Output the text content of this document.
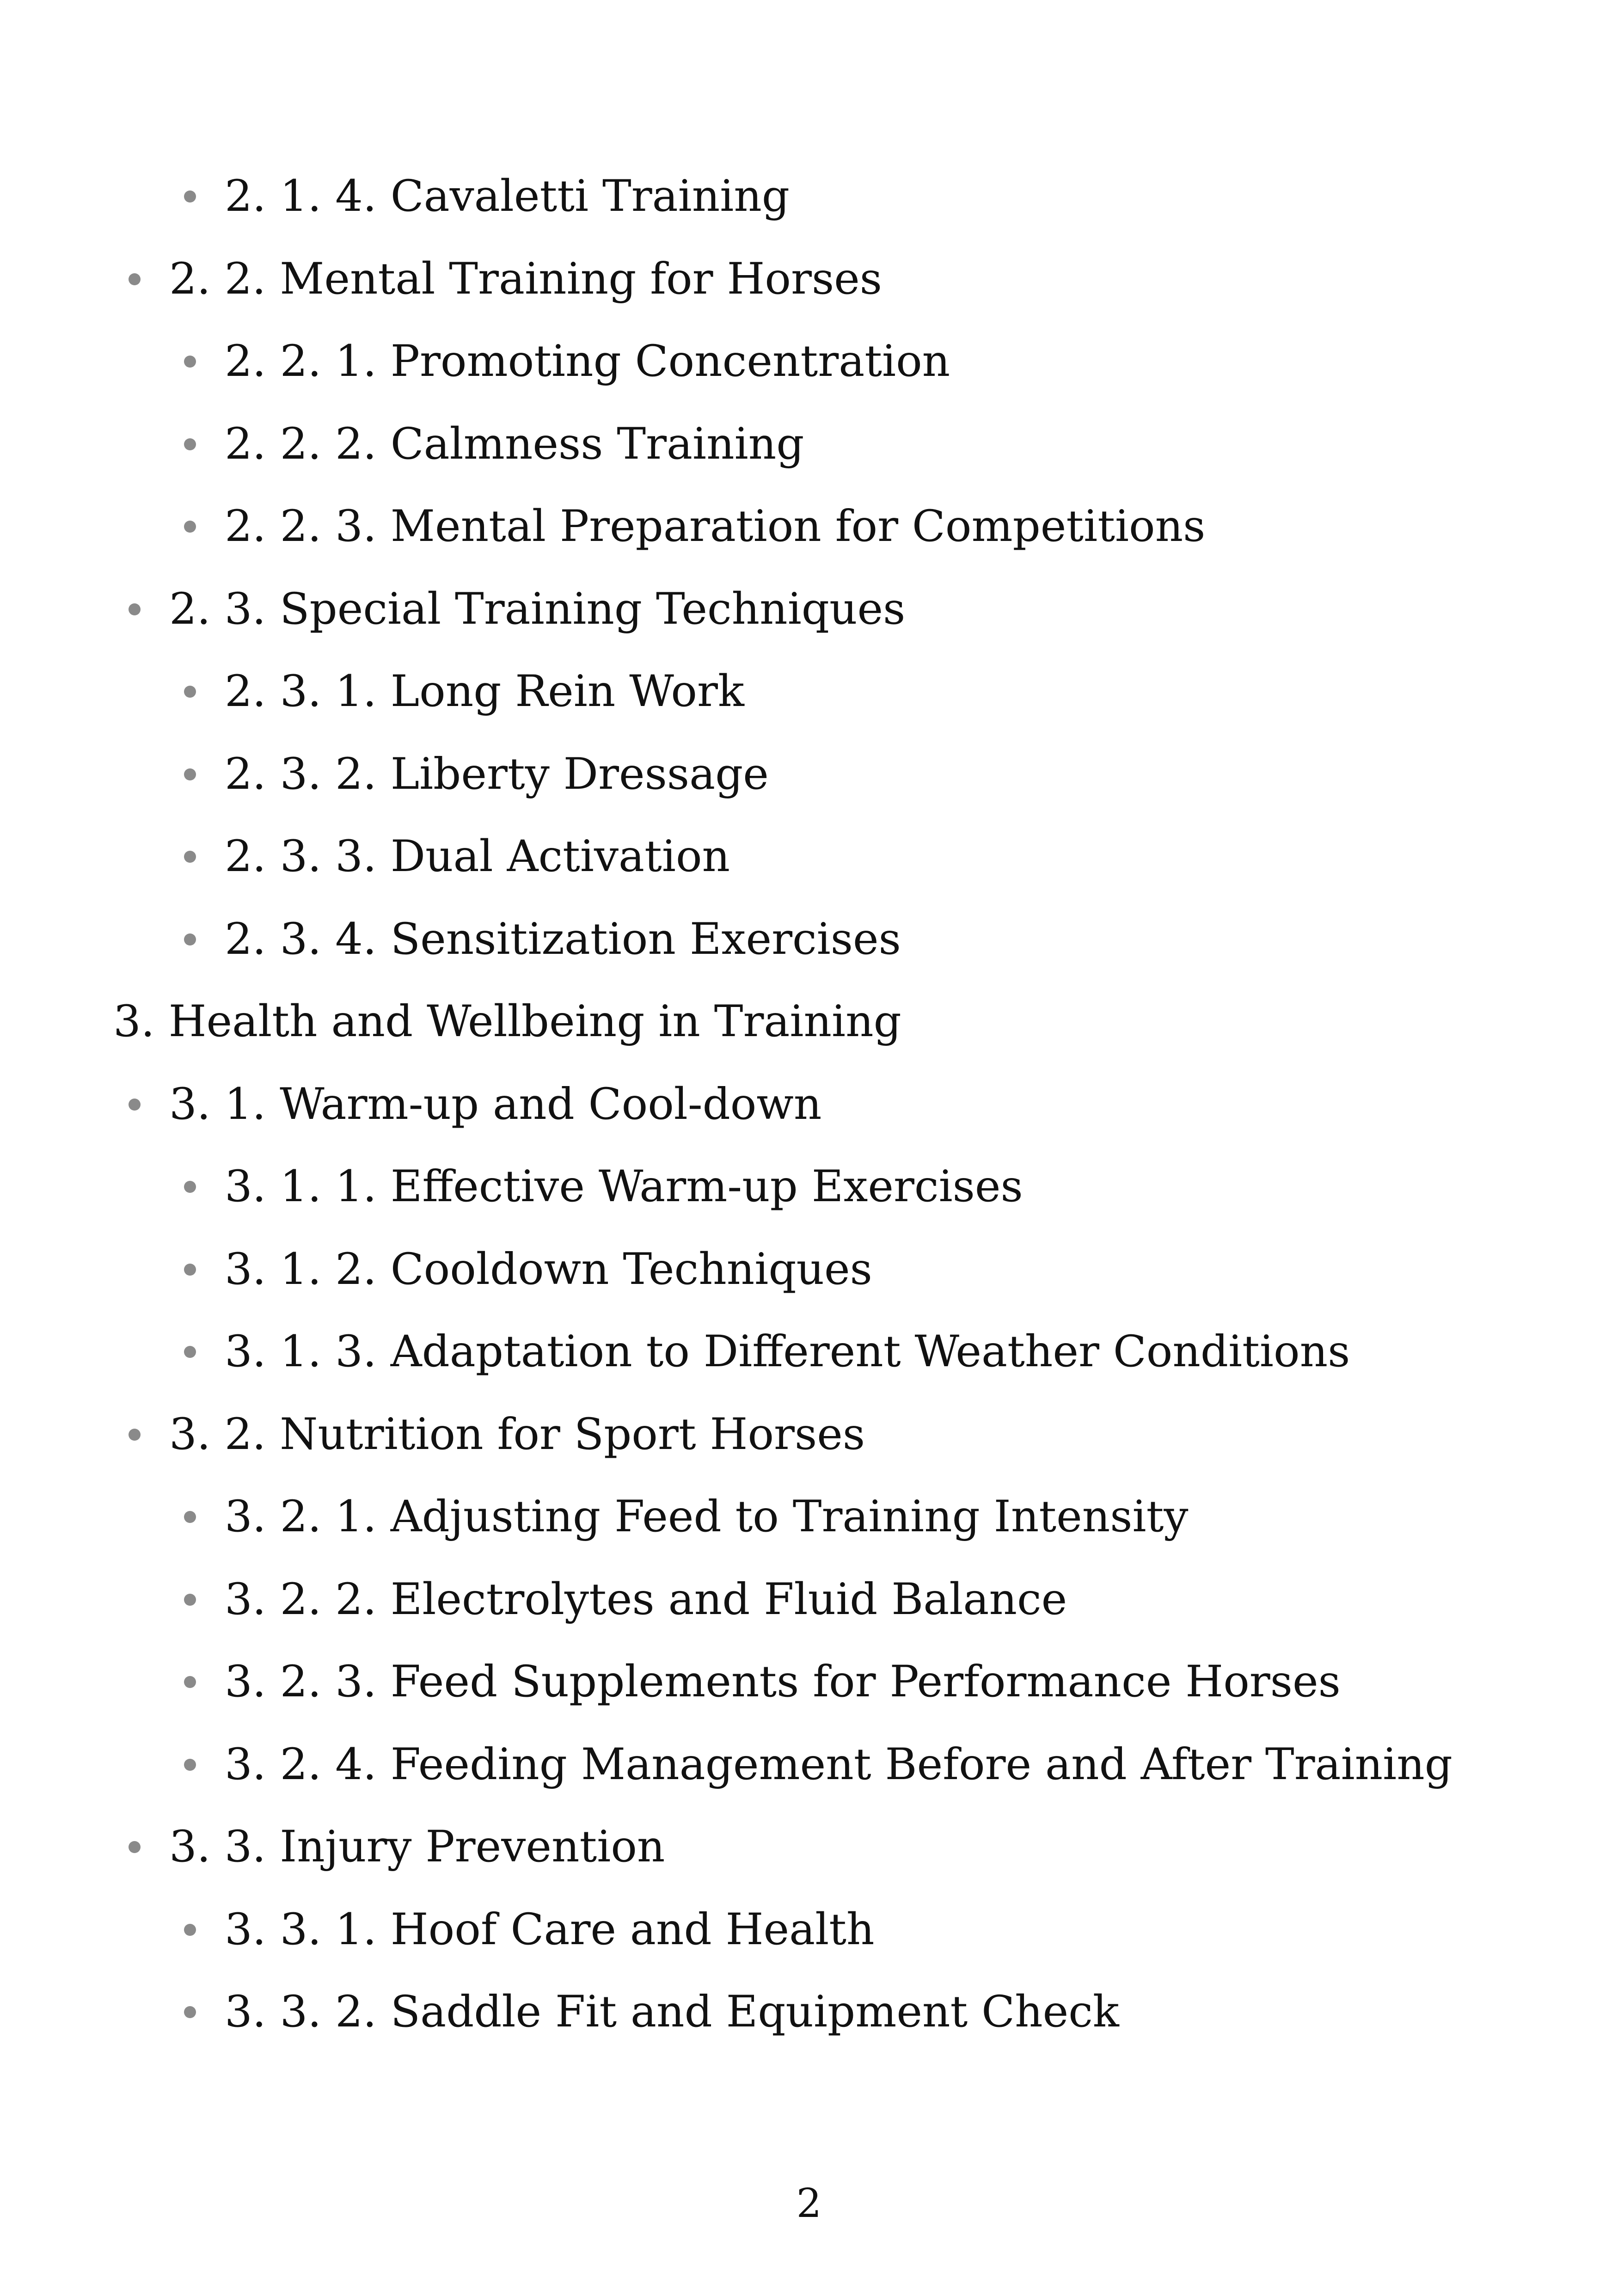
2. 1. 4. Cavaletti Training
2. 2. Mental Training for Horses
2. 2. 1. Promoting Concentration
2. 2. 2. Calmness Training
2. 2. 3. Mental Preparation for Competitions
2. 3. Special Training Techniques
2. 3. 1. Long Rein Work
2. 3. 2. Liberty Dressage
2. 3. 3. Dual Activation
2. 3. 4. Sensitization Exercises
3. Health and Wellbeing in Training
3. 1. Warm-up and Cool-down
3. 1. 1. Effective Warm-up Exercises
3. 1. 2. Cooldown Techniques
3. 1. 3. Adaptation to Different Weather Conditions
3. 2. Nutrition for Sport Horses
3. 2. 1. Adjusting Feed to Training Intensity
3. 2. 2. Electrolytes and Fluid Balance
3. 2. 3. Feed Supplements for Performance Horses
3. 2. 4. Feeding Management Before and After Training
3. 3. Injury Prevention
3. 3. 1. Hoof Care and Health
3. 3. 2. Saddle Fit and Equipment Check
2
